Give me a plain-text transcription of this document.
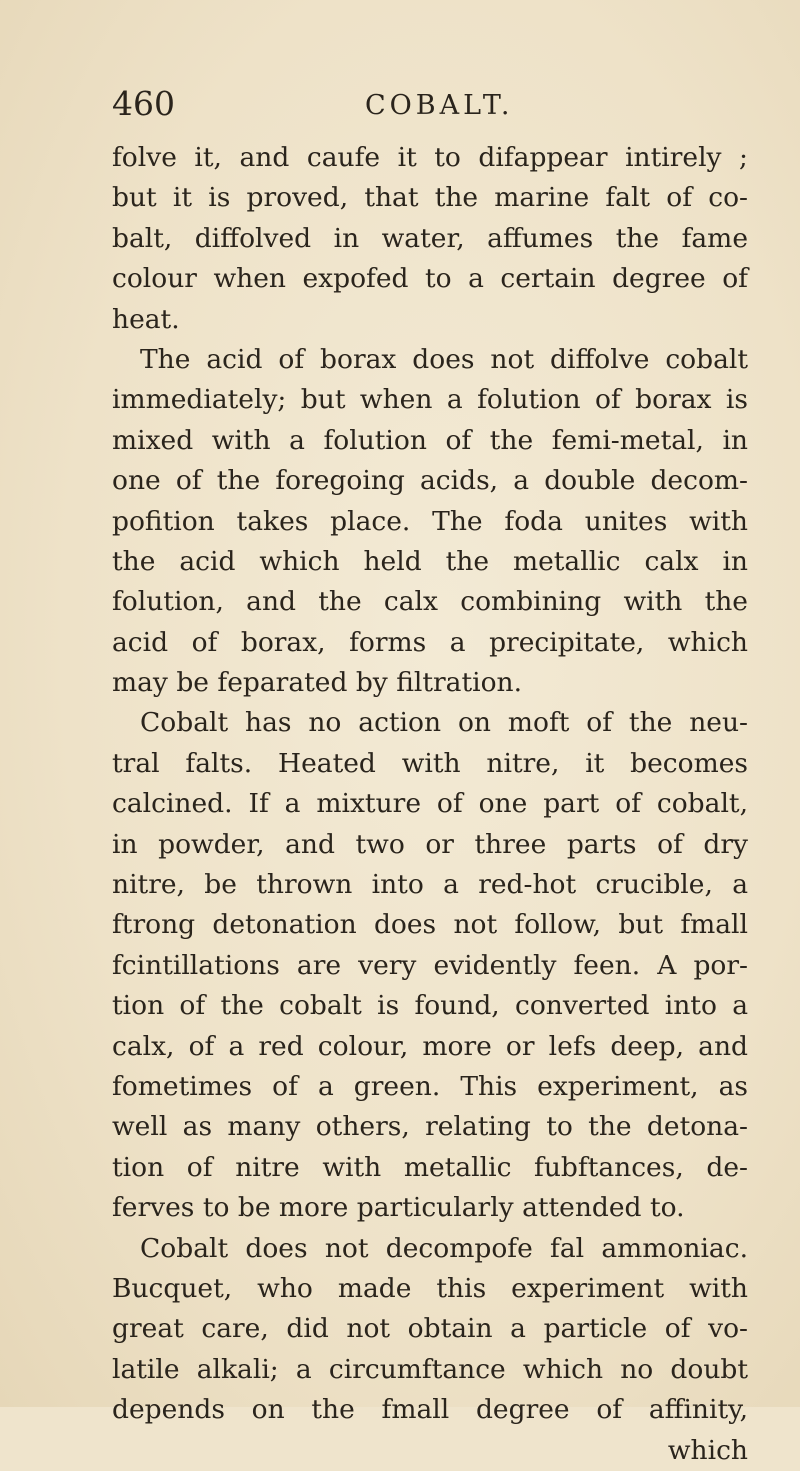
460	COBALT.
folve it, and caufe it to difappear intirely ;
but it is proved, that the marine falt of co-
balt, diffolved in water, affumes the fame
colour when expofed to a certain degree of
heat.
The acid of borax does not diffolve cobalt
immediately; but when a folution of borax is
mixed with a folution of the femi-metal, in
one of the foregoing acids, a double decom-
pofition takes place. The foda unites with
the acid which held the metallic calx in
folution, and the calx combining with the
acid of borax, forms a precipitate, which
may be feparated by filtration.
Cobalt has no action on moft of the neu-
tral falts. Heated with nitre, it becomes
calcined. If a mixture of one part of cobalt,
in powder, and two or three parts of dry
nitre, be thrown into a red-hot crucible, a
ftrong detonation does not follow, but fmall
fcintillations are very evidently feen. A por-
tion of the cobalt is found, converted into a
calx, of a red colour, more or lefs deep, and
fometimes of a green. This experiment, as
well as many others, relating to the detona-
tion of nitre with metallic fubftances, de-
ferves to be more particularly attended to.
Cobalt does not decompofe fal ammoniac.
Bucquet, who made this experiment with
great care, did not obtain a particle of vo-
latile alkali; a circumftance which no doubt
depends on the fmall degree of affinity,
which
